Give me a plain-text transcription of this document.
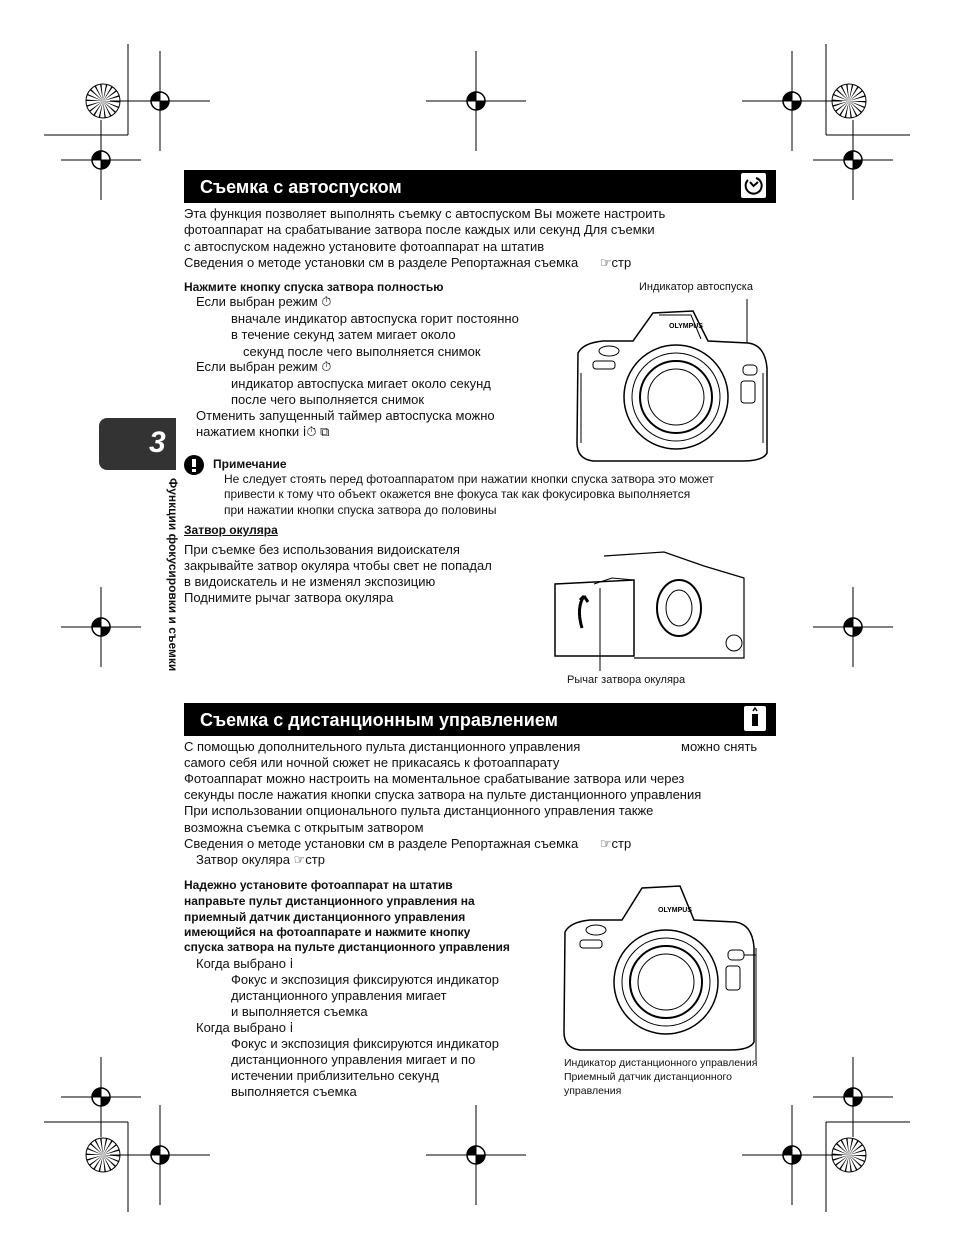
Съемка с автоспуском
Эта функция позволяет выполнять съемку с автоспуском Вы можете настроить
фотоаппарат на срабатывание затвора после каждых или секунд Для съемки
с автоспуском надежно установите фотоаппарат на штатив
Сведения о методе установки см в разделе Репортажная съемка ☞стр
Нажмите кнопку спуска затвора полностью
Если выбран режим ⏱
вначале индикатор автоспуска горит постоянно
в течение секунд затем мигает около
секунд после чего выполняется снимок
Если выбран режим ⏱
индикатор автоспуска мигает около секунд
после чего выполняется снимок
Отменить запущенный таймер автоспуска можно
нажатием кнопки ⅰ⏱ ⧉
Индикатор автоспуска
OLYMPUS
3
Функции фокусировки и съемки
Примечание
Не следует стоять перед фотоаппаратом при нажатии кнопки спуска затвора это может
привести к тому что объект окажется вне фокуса так как фокусировка выполняется
при нажатии кнопки спуска затвора до половины
Затвор окуляра
При съемке без использования видоискателя
закрывайте затвор окуляра чтобы свет не попадал
в видоискатель и не изменял экспозицию
Поднимите рычаг затвора окуляра
Рычаг затвора окуляра
Съемка с дистанционным управлением
С помощью дополнительного пульта дистанционного управления	можно снять
самого себя или ночной сюжет не прикасаясь к фотоаппарату
Фотоаппарат можно настроить на моментальное срабатывание затвора или через
секунды после нажатия кнопки спуска затвора на пульте дистанционного управления
При использовании опционального пульта дистанционного управления также
возможна съемка с открытым затвором
Сведения о методе установки см в разделе Репортажная съемка ☞стр
Затвор окуляра ☞стр
Надежно установите фотоаппарат на штатив
направьте пульт дистанционного управления на
приемный датчик дистанционного управления
имеющийся на фотоаппарате и нажмите кнопку
спуска затвора на пульте дистанционного управления
Когда выбрано ⅰ
Фокус и экспозиция фиксируются индикатор
дистанционного управления мигает
и выполняется съемка
Когда выбрано ⅰ
Фокус и экспозиция фиксируются индикатор
дистанционного управления мигает и по
истечении приблизительно секунд
выполняется съемка
OLYMPUS
Индикатор дистанционного управления
Приемный датчик дистанционного
управления
